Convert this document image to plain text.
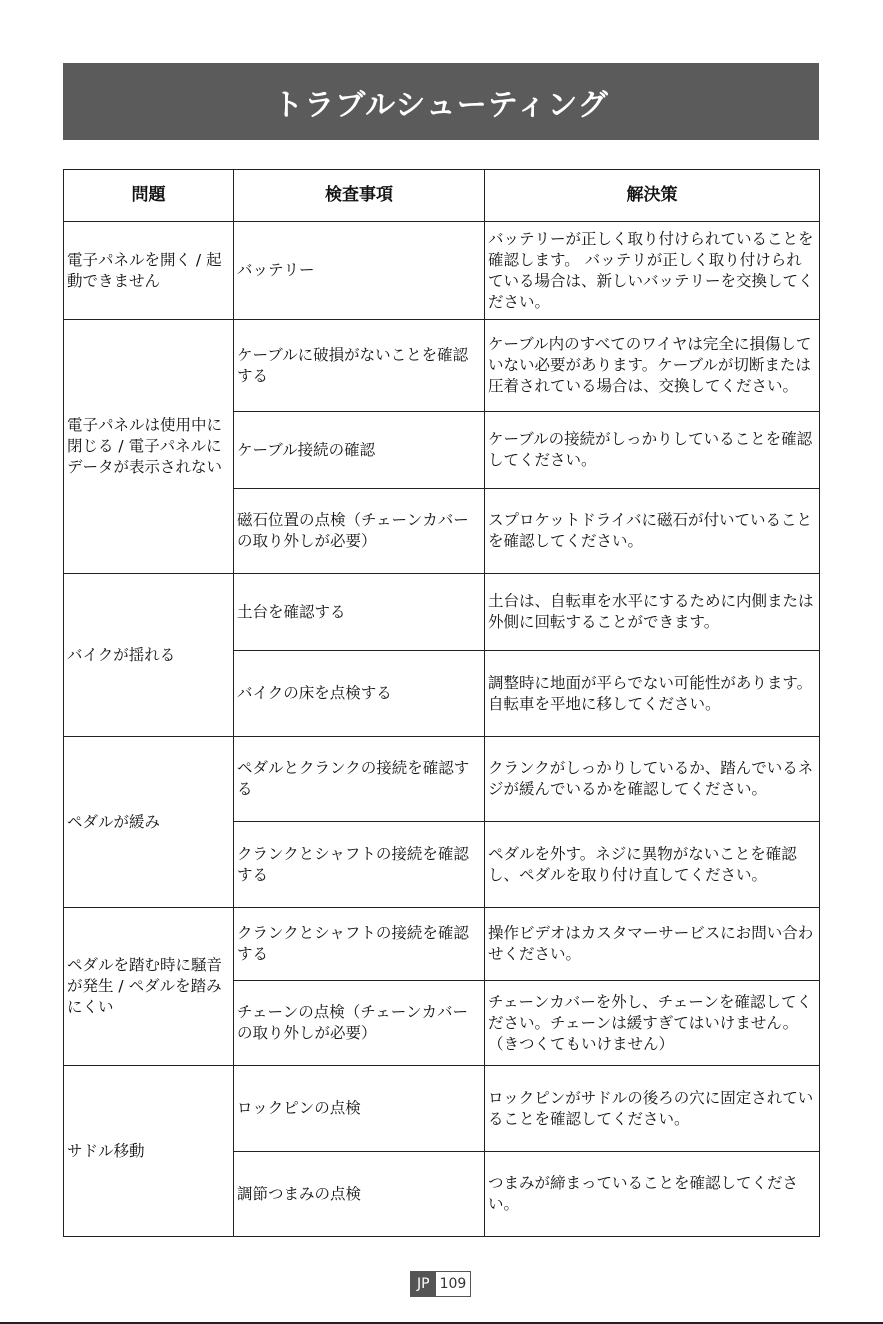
トラブルシューティング
問題	検査事項	解決策
電子パネルを開く / 起動できません	バッテリー	バッテリーが正しく取り付けられていることを確認します。 バッテリが正しく取り付けられている場合は、新しいバッテリーを交換してください。
電子パネルは使用中に閉じる / 電子パネルにデータが表示されない	ケーブルに破損がないことを確認する	ケーブル内のすべてのワイヤは完全に損傷していない必要があります。ケーブルが切断または圧着されている場合は、交換してください。
	ケーブル接続の確認	ケーブルの接続がしっかりしていることを確認してください。
	磁石位置の点検（チェーンカバーの取り外しが必要）	スプロケットドライバに磁石が付いていることを確認してください。
バイクが揺れる	土台を確認する	土台は、自転車を水平にするために内側または外側に回転することができます。
	バイクの床を点検する	調整時に地面が平らでない可能性があります。自転車を平地に移してください。
ペダルが緩み	ペダルとクランクの接続を確認する	クランクがしっかりしているか、踏んでいるネジが緩んでいるかを確認してください。
	クランクとシャフトの接続を確認する	ペダルを外す。ネジに異物がないことを確認し、ペダルを取り付け直してください。
ペダルを踏む時に騒音が発生 / ペダルを踏みにくい	クランクとシャフトの接続を確認する	操作ビデオはカスタマーサービスにお問い合わせください。
	チェーンの点検（チェーンカバーの取り外しが必要）	チェーンカバーを外し、チェーンを確認してください。チェーンは緩すぎてはいけません。（きつくてもいけません）
サドル移動	ロックピンの点検	ロックピンがサドルの後ろの穴に固定されていることを確認してください。
	調節つまみの点検	つまみが締まっていることを確認してください。
JP 109
